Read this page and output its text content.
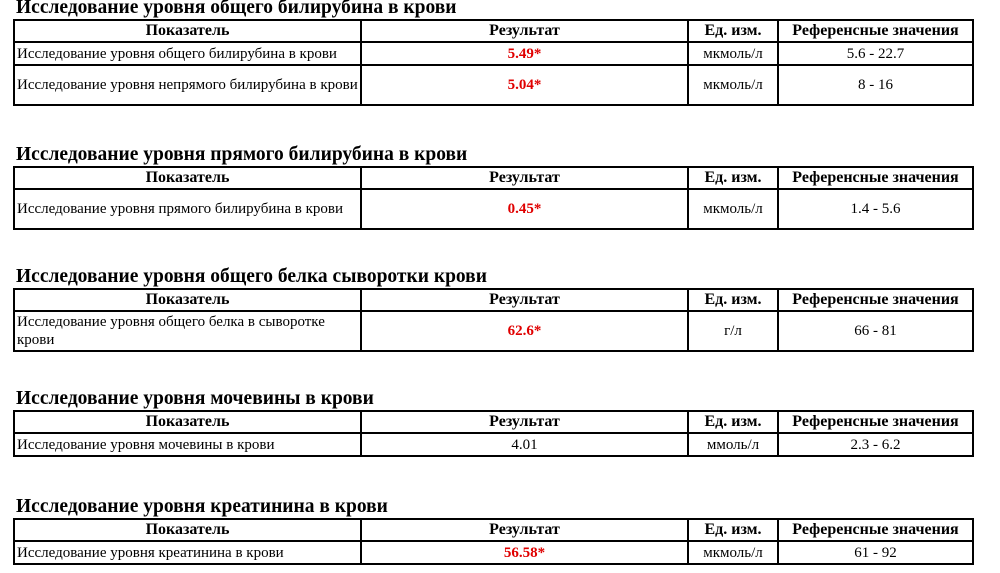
Исследование уровня общего билирубина в крови
Показатель	Результат	Ед. изм.	Референсные значения
Исследование уровня общего билирубина в крови	5.49*	мкмоль/л	5.6 - 22.7
Исследование уровня непрямого билирубина в крови	5.04*	мкмоль/л	8 - 16
Исследование уровня прямого билирубина в крови
Показатель	Результат	Ед. изм.	Референсные значения
Исследование уровня прямого билирубина в крови	0.45*	мкмоль/л	1.4 - 5.6
Исследование уровня общего белка сыворотки крови
Показатель	Результат	Ед. изм.	Референсные значения
Исследование уровня общего белка в сыворотке крови	62.6*	г/л	66 - 81
Исследование уровня мочевины в крови
Показатель	Результат	Ед. изм.	Референсные значения
Исследование уровня мочевины в крови	4.01	ммоль/л	2.3 - 6.2
Исследование уровня креатинина в крови
Показатель	Результат	Ед. изм.	Референсные значения
Исследование уровня креатинина в крови	56.58*	мкмоль/л	61 - 92
